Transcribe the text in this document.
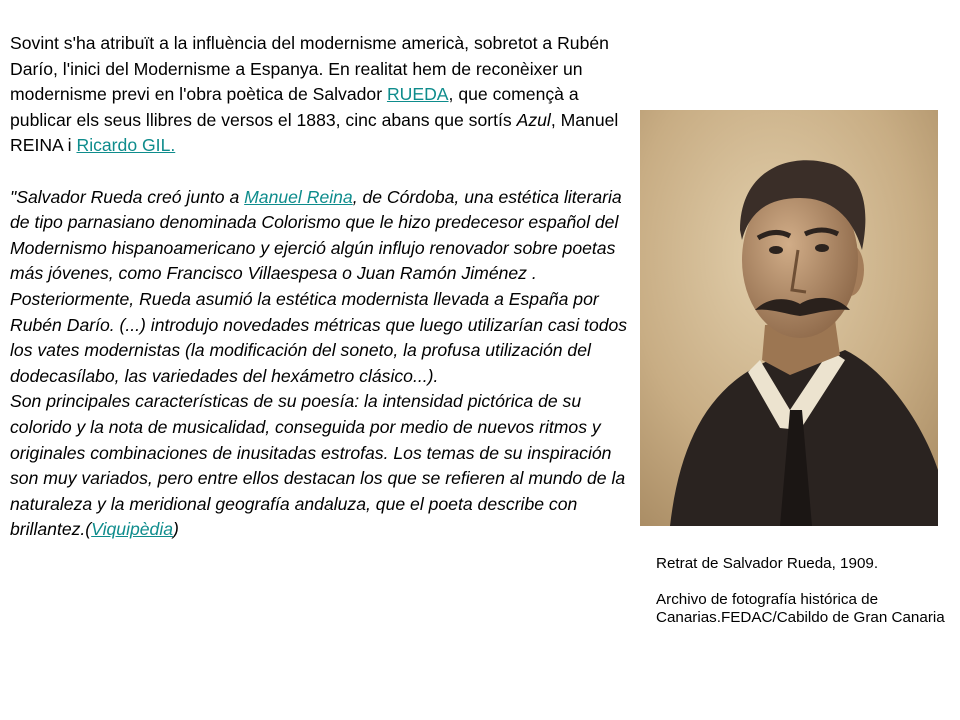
Sovint s'ha atribuït a la influència del modernisme americà, sobretot a Rubén Darío, l'inici del Modernisme a Espanya. En realitat hem de reconèixer un modernisme previ en l'obra poètica de Salvador RUEDA, que començà a publicar els seus llibres de versos el 1883, cinc abans que sortís Azul, Manuel REINA i Ricardo GIL.

"Salvador Rueda creó junto a Manuel Reina, de Córdoba, una estética literaria de tipo parnasiano denominada Colorismo que le hizo predecesor español del Modernismo hispanoamericano y ejerció algún influjo renovador sobre poetas más jóvenes, como Francisco Villaespesa o Juan Ramón Jiménez . Posteriormente, Rueda asumió la estética modernista llevada a España por Rubén Darío. (...) introdujo novedades métricas que luego utilizarían casi todos los vates modernistas (la modificación del soneto, la profusa utilización del dodecasílabo, las variedades del hexámetro clásico...).

Son principales características de su poesía: la intensidad pictórica de su colorido y la nota de musicalidad, conseguida por medio de nuevos ritmos y originales combinaciones de inusitadas estrofas. Los temas de su inspiración son muy variados, pero entre ellos destacan los que se refieren al mundo de la naturaleza y la meridional geografía andaluza, que el poeta describe con brillantez.(Viquipèdia)

Retrat de Salvador Rueda, 1909.
Archivo de fotografía histórica de Canarias.FEDAC/Cabildo de Gran Canaria
